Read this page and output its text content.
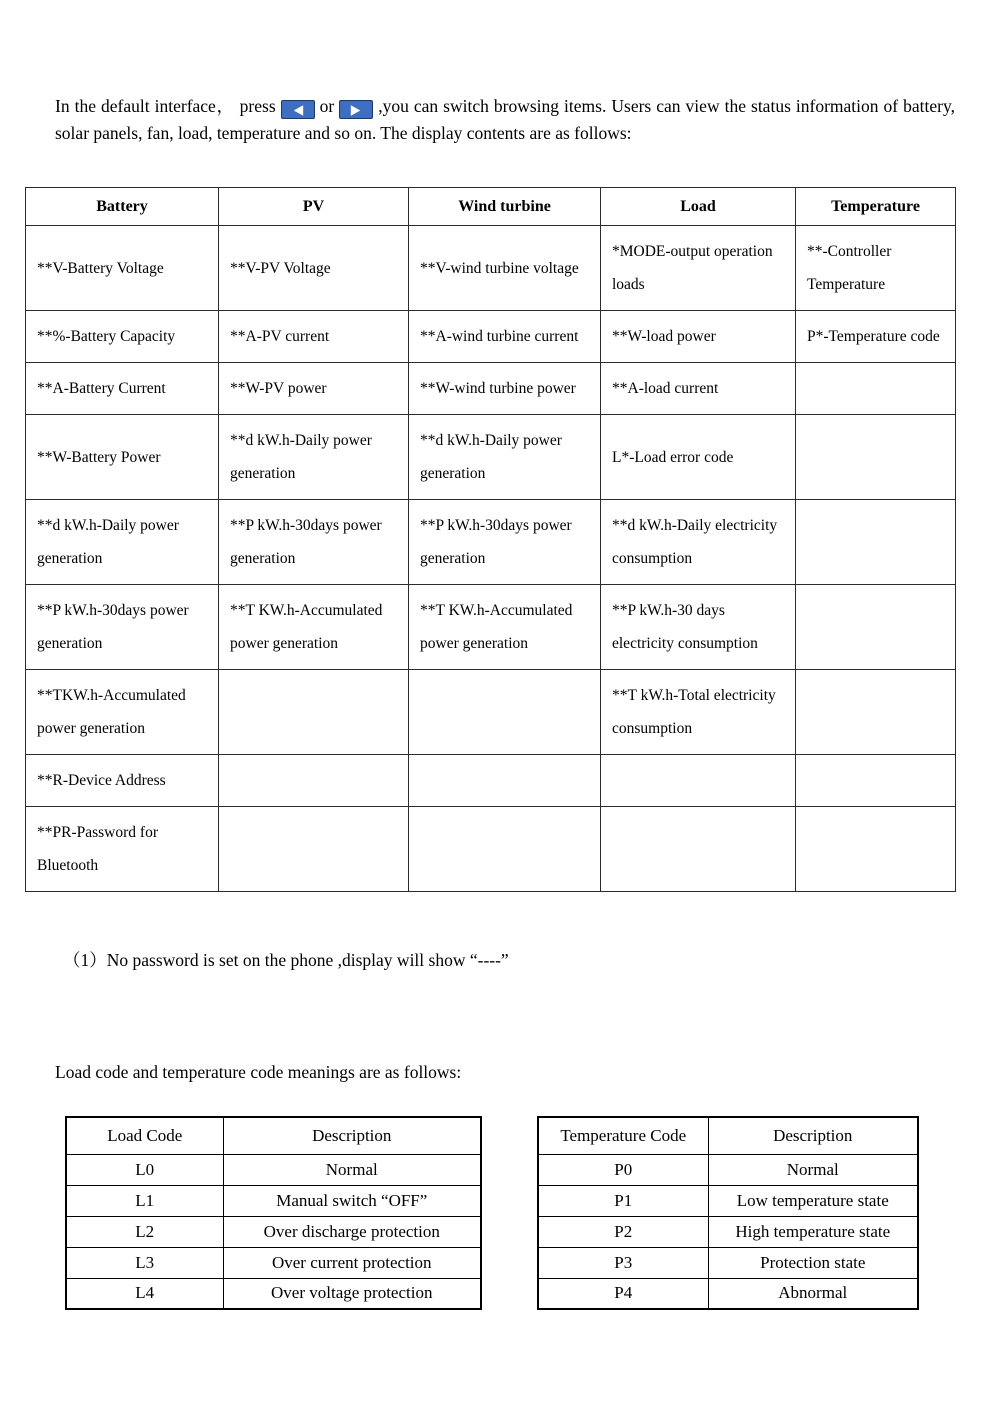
In the default interface， press	or	,you can switch browsing items. Users can view the status information of battery, solar panels, fan, load, temperature and so on. The display contents are as follows:

Battery	PV	Wind turbine	Load	Temperature
**V-Battery Voltage	**V-PV Voltage	**V-wind turbine voltage	*MODE-output operation loads	**-Controller Temperature
**%-Battery Capacity	**A-PV current	**A-wind turbine current	**W-load power	P*-Temperature code
**A-Battery Current	**W-PV power	**W-wind turbine power	**A-load current	
**W-Battery Power	**d kW.h-Daily power generation	**d kW.h-Daily power generation	L*-Load error code	
**d kW.h-Daily power generation	**P kW.h-30days power generation	**P kW.h-30days power generation	**d kW.h-Daily electricity consumption	
**P kW.h-30days power generation	**T KW.h-Accumulated power generation	**T KW.h-Accumulated power generation	**P kW.h-30 days electricity consumption	
**TKW.h-Accumulated power generation			**T kW.h-Total electricity consumption	
**R-Device Address				
**PR-Password for Bluetooth				

（1）No password is set on the phone ,display will show “----”

Load code and temperature code meanings are as follows:

Load Code	Description
L0	Normal
L1	Manual switch “OFF”
L2	Over discharge protection
L3	Over current protection
L4	Over voltage protection
Temperature Code	Description
P0	Normal
P1	Low temperature state
P2	High temperature state
P3	Protection state
P4	Abnormal
